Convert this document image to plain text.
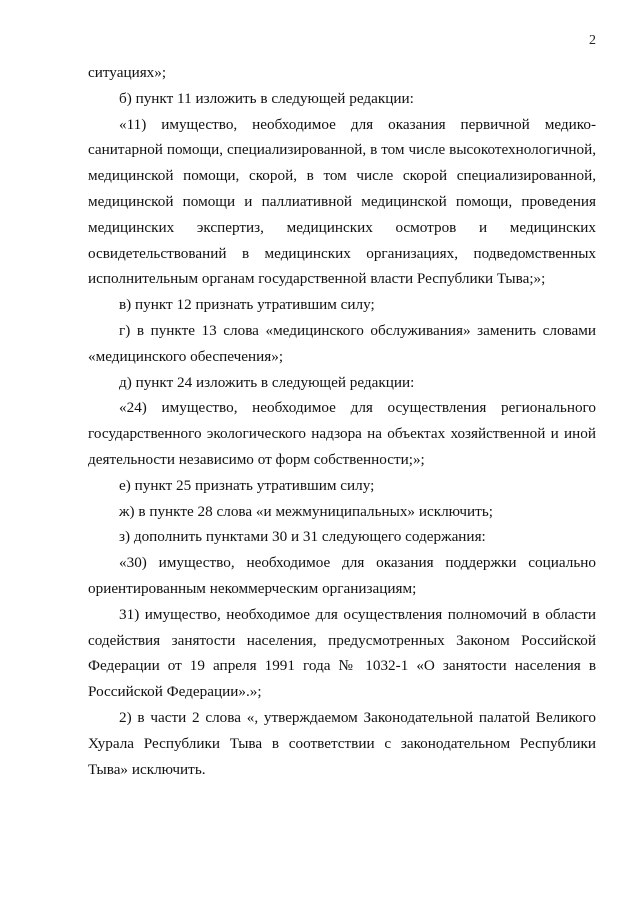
2

ситуациях»;

б) пункт 11 изложить в следующей редакции:

«11) имущество, необходимое для оказания первичной медико-санитарной помощи, специализированной, в том числе высокотехнологичной, медицинской помощи, скорой, в том числе скорой специализированной, медицинской помощи и паллиативной медицинской помощи, проведения медицинских экспертиз, медицинских осмотров и медицинских освидетельствований в медицинских организациях, подведомственных исполнительным органам государственной власти Республики Тыва;»;

в) пункт 12 признать утратившим силу;

г) в пункте 13 слова «медицинского обслуживания» заменить словами «медицинского обеспечения»;

д) пункт 24 изложить в следующей редакции:

«24) имущество, необходимое для осуществления регионального государственного экологического надзора на объектах хозяйственной и иной деятельности независимо от форм собственности;»;

е) пункт 25 признать утратившим силу;

ж) в пункте 28 слова «и межмуниципальных» исключить;

з) дополнить пунктами 30 и 31 следующего содержания:

«30) имущество, необходимое для оказания поддержки социально ориентированным некоммерческим организациям;

31) имущество, необходимое для осуществления полномочий в области содействия занятости населения, предусмотренных Законом Российской Федерации от 19 апреля 1991 года № 1032-1 «О занятости населения в Российской Федерации».»;

2) в части 2 слова «, утверждаемом Законодательной палатой Великого Хурала Республики Тыва в соответствии с законодательном Республики Тыва» исключить.
